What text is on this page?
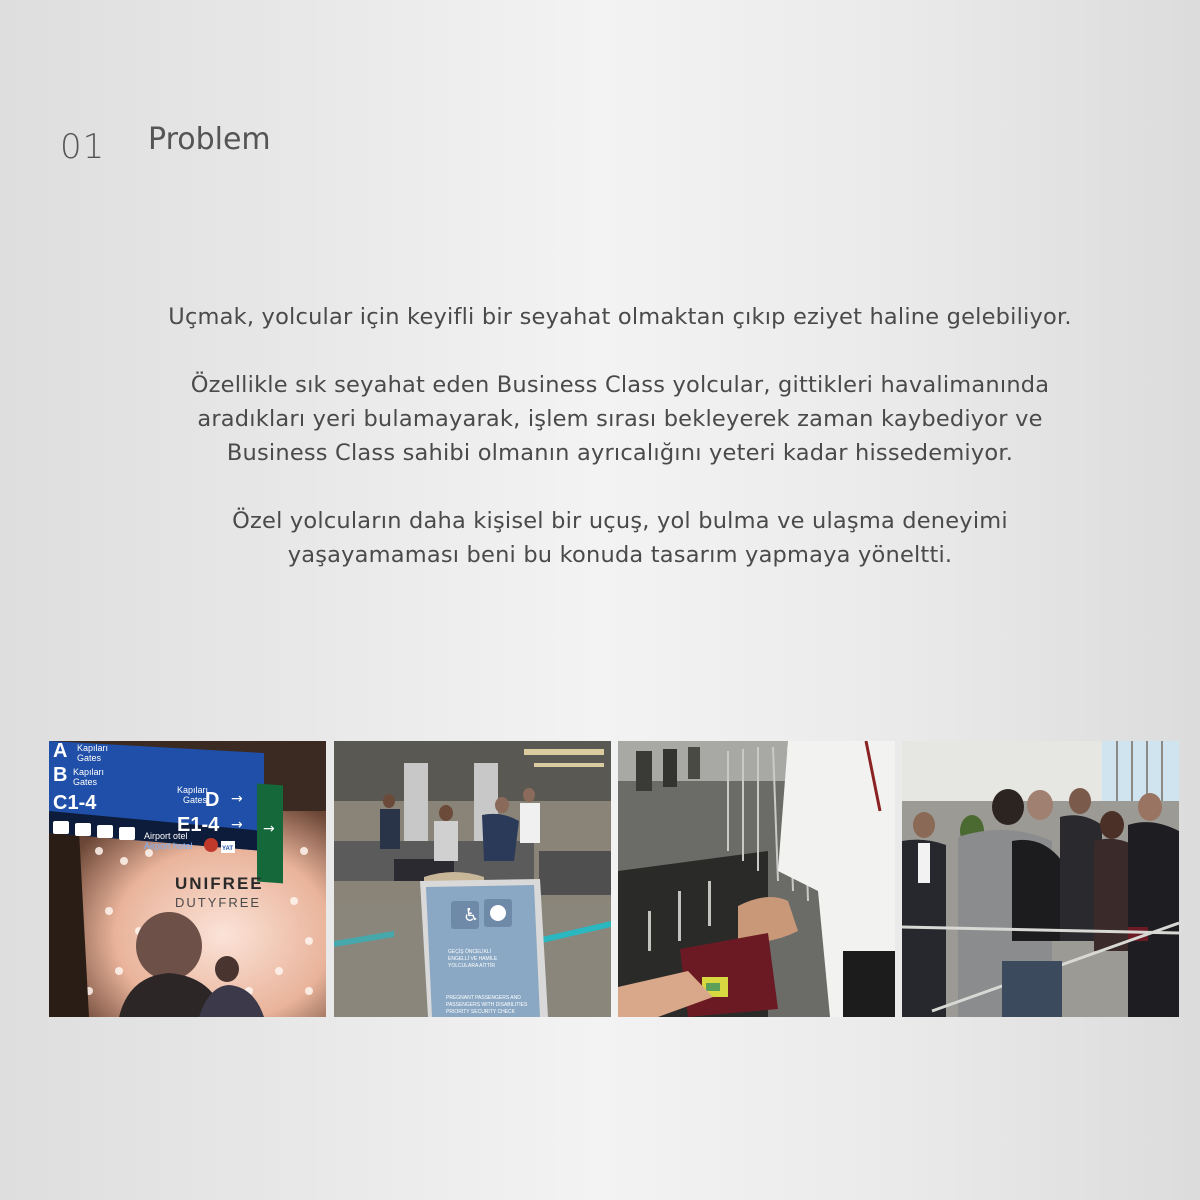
01 Problem

Uçmak, yolcular için keyifli bir seyahat olmaktan çıkıp eziyet haline gelebiliyor.

Özellikle sık seyahat eden Business Class yolcular, gittikleri havalimanında
aradıkları yeri bulamayarak, işlem sırası bekleyerek zaman kaybediyor ve
Business Class sahibi olmanın ayrıcalığını yeteri kadar hissedemiyor.

Özel yolcuların daha kişisel bir uçuş, yol bulma ve ulaşma deneyimi
yaşayamaması beni bu konuda tasarım yapmaya yöneltti.

A Kapıları
Gates
B Kapıları
Gates
C1-4
Kapıları
Gates
D
E1-4
→
→ →
Airport otel
Airport hotel	YAT
UNIFREE
DUTYFREE
♿
GEÇİŞ ÖNCELİKLİ ENGELLİ VE HAMİLE YOLCULARA AİTTİR
PREGNANT PASSENGERS AND PASSENGERS WITH DISABILITIES PRIORITY SECURITY CHECK
